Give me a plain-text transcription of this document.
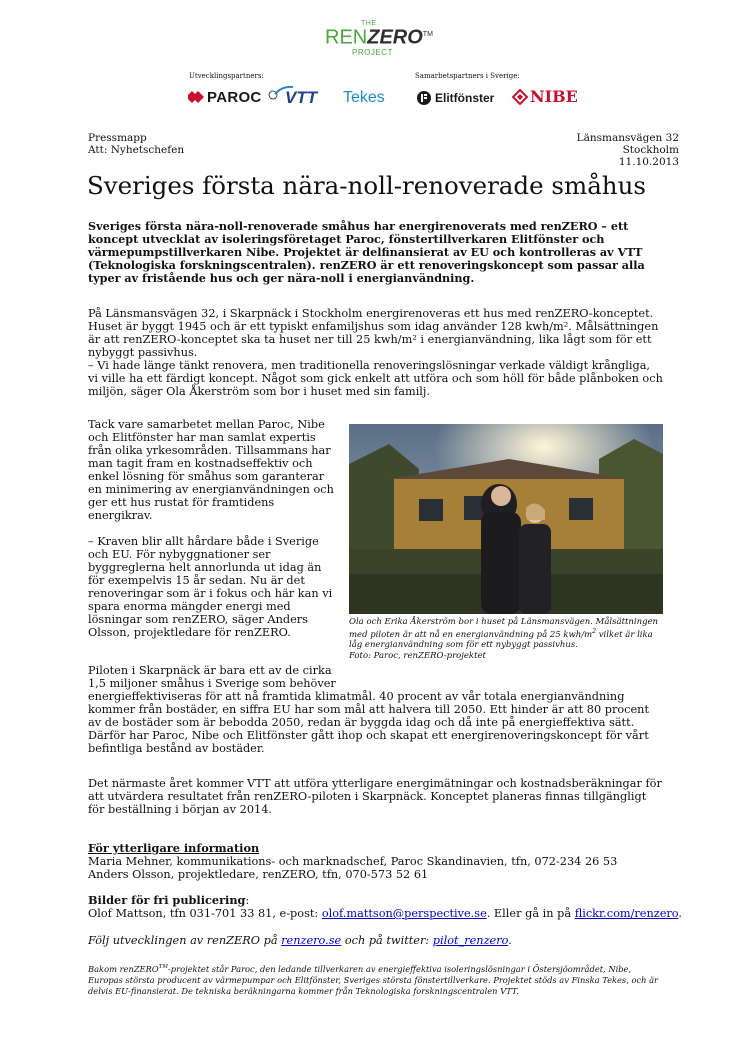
THE
RENZERO™
PROJECT
Utvecklingspartners:	Samarbetspartners i Sverige:
PAROC VTT Tekes	Elitfönster NIBE
Pressmapp
Att: Nyhetschefen
Länsmansvägen 32
Stockholm
11.10.2013
Sveriges första nära-noll-renoverade småhus
Sveriges första nära-noll-renoverade småhus har energirenoverats med renZERO – ett koncept utvecklat av isoleringsföretaget Paroc, fönstertillverkaren Elitfönster och värmepumpstillverkaren Nibe. Projektet är delfinansierat av EU och kontrolleras av VTT (Teknologiska forskningscentralen). renZERO är ett renoveringskoncept som passar alla typer av fristående hus och ger nära-noll i energianvändning.
På Länsmansvägen 32, i Skarpnäck i Stockholm energirenoveras ett hus med renZERO-konceptet. Huset är byggt 1945 och är ett typiskt enfamiljshus som idag använder 128 kwh/m². Målsättningen är att renZERO-konceptet ska ta huset ner till 25 kwh/m² i energianvändning, lika lågt som för ett nybyggt passivhus.
– Vi hade länge tänkt renovera, men traditionella renoveringslösningar verkade väldigt krångliga, vi ville ha ett färdigt koncept. Något som gick enkelt att utföra och som höll för både plånboken och miljön, säger Ola Åkerström som bor i huset med sin familj.
Tack vare samarbetet mellan Paroc, Nibe och Elitfönster har man samlat expertis från olika yrkesområden. Tillsammans har man tagit fram en kostnadseffektiv och enkel lösning för småhus som garanterar en minimering av energianvändningen och ger ett hus rustat för framtidens energikrav.
– Kraven blir allt hårdare både i Sverige och EU. För nybyggnationer ser byggreglerna helt annorlunda ut idag än för exempelvis 15 år sedan. Nu är det renoveringar som är i fokus och här kan vi spara enorma mängder energi med lösningar som renZERO, säger Anders Olsson, projektledare för renZERO.
Ola och Erika Åkerström bor i huset på Länsmansvägen. Målsättningen med piloten är att nå en energianvändning på 25 kwh/$m^2$ vilket är lika låg energianvändning som för ett nybyggt passivhus.
Foto: Paroc, renZERO-projektet
Piloten i Skarpnäck är bara ett av de cirka
1,5 miljoner småhus i Sverige som behöver
energieffektiviseras för att nå framtida klimatmål. 40 procent av vår totala energianvändning kommer från bostäder, en siffra EU har som mål att halvera till 2050. Ett hinder är att 80 procent av de bostäder som är bebodda 2050, redan är byggda idag och då inte på energieffektiva sätt. Därför har Paroc, Nibe och Elitfönster gått ihop och skapat ett energirenoveringskoncept för vårt befintliga bestånd av bostäder.
Det närmaste året kommer VTT att utföra ytterligare energimätningar och kostnadsberäkningar för att utvärdera resultatet från renZERO-piloten i Skarpnäck. Konceptet planeras finnas tillgängligt för beställning i början av 2014.
För ytterligare information
Maria Mehner, kommunikations- och marknadschef, Paroc Skandinavien, tfn, 072-234 26 53
Anders Olsson, projektledare, renZERO, tfn, 070-573 52 61
Bilder för fri publicering:
Olof Mattson, tfn 031-701 33 81, e-post: olof.mattson@perspective.se. Eller gå in på flickr.com/renzero.
Följ utvecklingen av renZERO på renzero.se och på twitter: pilot_renzero.
Bakom renZERO™-projektet står Paroc, den ledande tillverkaren av energieffektiva isoleringslösningar i Östersjöområdet, Nibe, Europas största producent av värmepumpar och Elitfönster, Sveriges största fönstertillverkare. Projektet stöds av Finska Tekes, och är delvis EU-finansierat. De tekniska beräkningarna kommer från Teknologiska forskningscentralen VTT.
